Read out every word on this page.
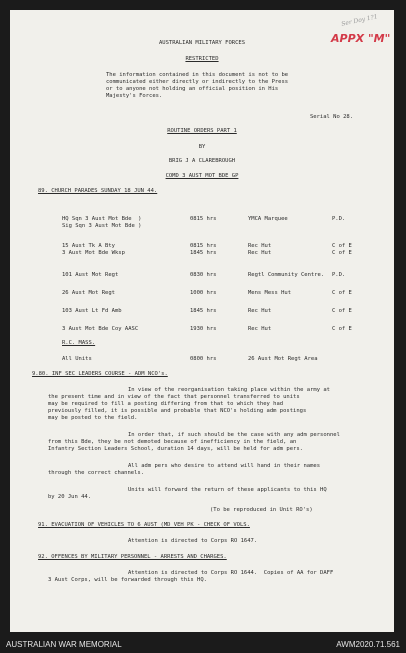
Ser Doy 1?1
APPX "M"
AUSTRALIAN MILITARY FORCES
RESTRICTED
The information contained in this document is not to be
communicated either directly or indirectly to the Press
or to anyone not holding an official position in His
Majesty's Forces.
Serial No 28.
ROUTINE ORDERS PART 1
BY
BRIG J A CLAREBROUGH
COMD 3 AUST MOT BDE GP
89. CHURCH PARADES SUNDAY 18 JUN 44.
HQ Sqn 3 Aust Mot Bde  )	0815 hrs	YMCA Marquee	P.D.
Sig Sqn 3 Aust Mot Bde )
15 Aust Tk A Bty	0815 hrs	Rec Hut	C of E
3 Aust Mot Bde Wksp	1845 hrs	Rec Hut	C of E
101 Aust Mot Regt	0830 hrs	Regtl Community Centre. P.D.
26 Aust Mot Regt	1000 hrs	Mens Mess Hut	C of E
103 Aust Lt Fd Amb	1845 hrs	Rec Hut	C of E
3 Aust Mot Bde Coy AASC	1930 hrs	Rec Hut	C of E
R.C. MASS.
All Units	0800 hrs	26 Aust Mot Regt Area
9.80. INF SEC LEADERS COURSE - ADM NCO's.
In view of the reorganisation taking place within the army at
the present time and in view of the fact that personnel transferred to units
may be required to fill a posting differing from that to which they had
previously filled, it is possible and probable that NCO's holding adm postings
may be posted to the field.
In order that, if such should be the case with any adm personnel
from this Bde, they be not demoted because of inefficiency in the field, an
Infantry Section Leaders School, duration 14 days, will be held for adm pers.
All adm pers who desire to attend will hand in their names
through the correct channels.
Units will forward the return of these applicants to this HQ
by 20 Jun 44.
(To be reproduced in Unit RO's)
91. EVACUATION OF VEHICLES TO 6 AUST (MD VEH PK - CHECK OF VOLS.
Attention is directed to Corps RO 1647.
92. OFFENCES BY MILITARY PERSONNEL - ARRESTS AND CHARGES.
Attention is directed to Corps RO 1644.  Copies of AA for DAFF
3 Aust Corps, will be forwarded through this HQ.
AUSTRALIAN WAR MEMORIAL	AWM2020.71.561
